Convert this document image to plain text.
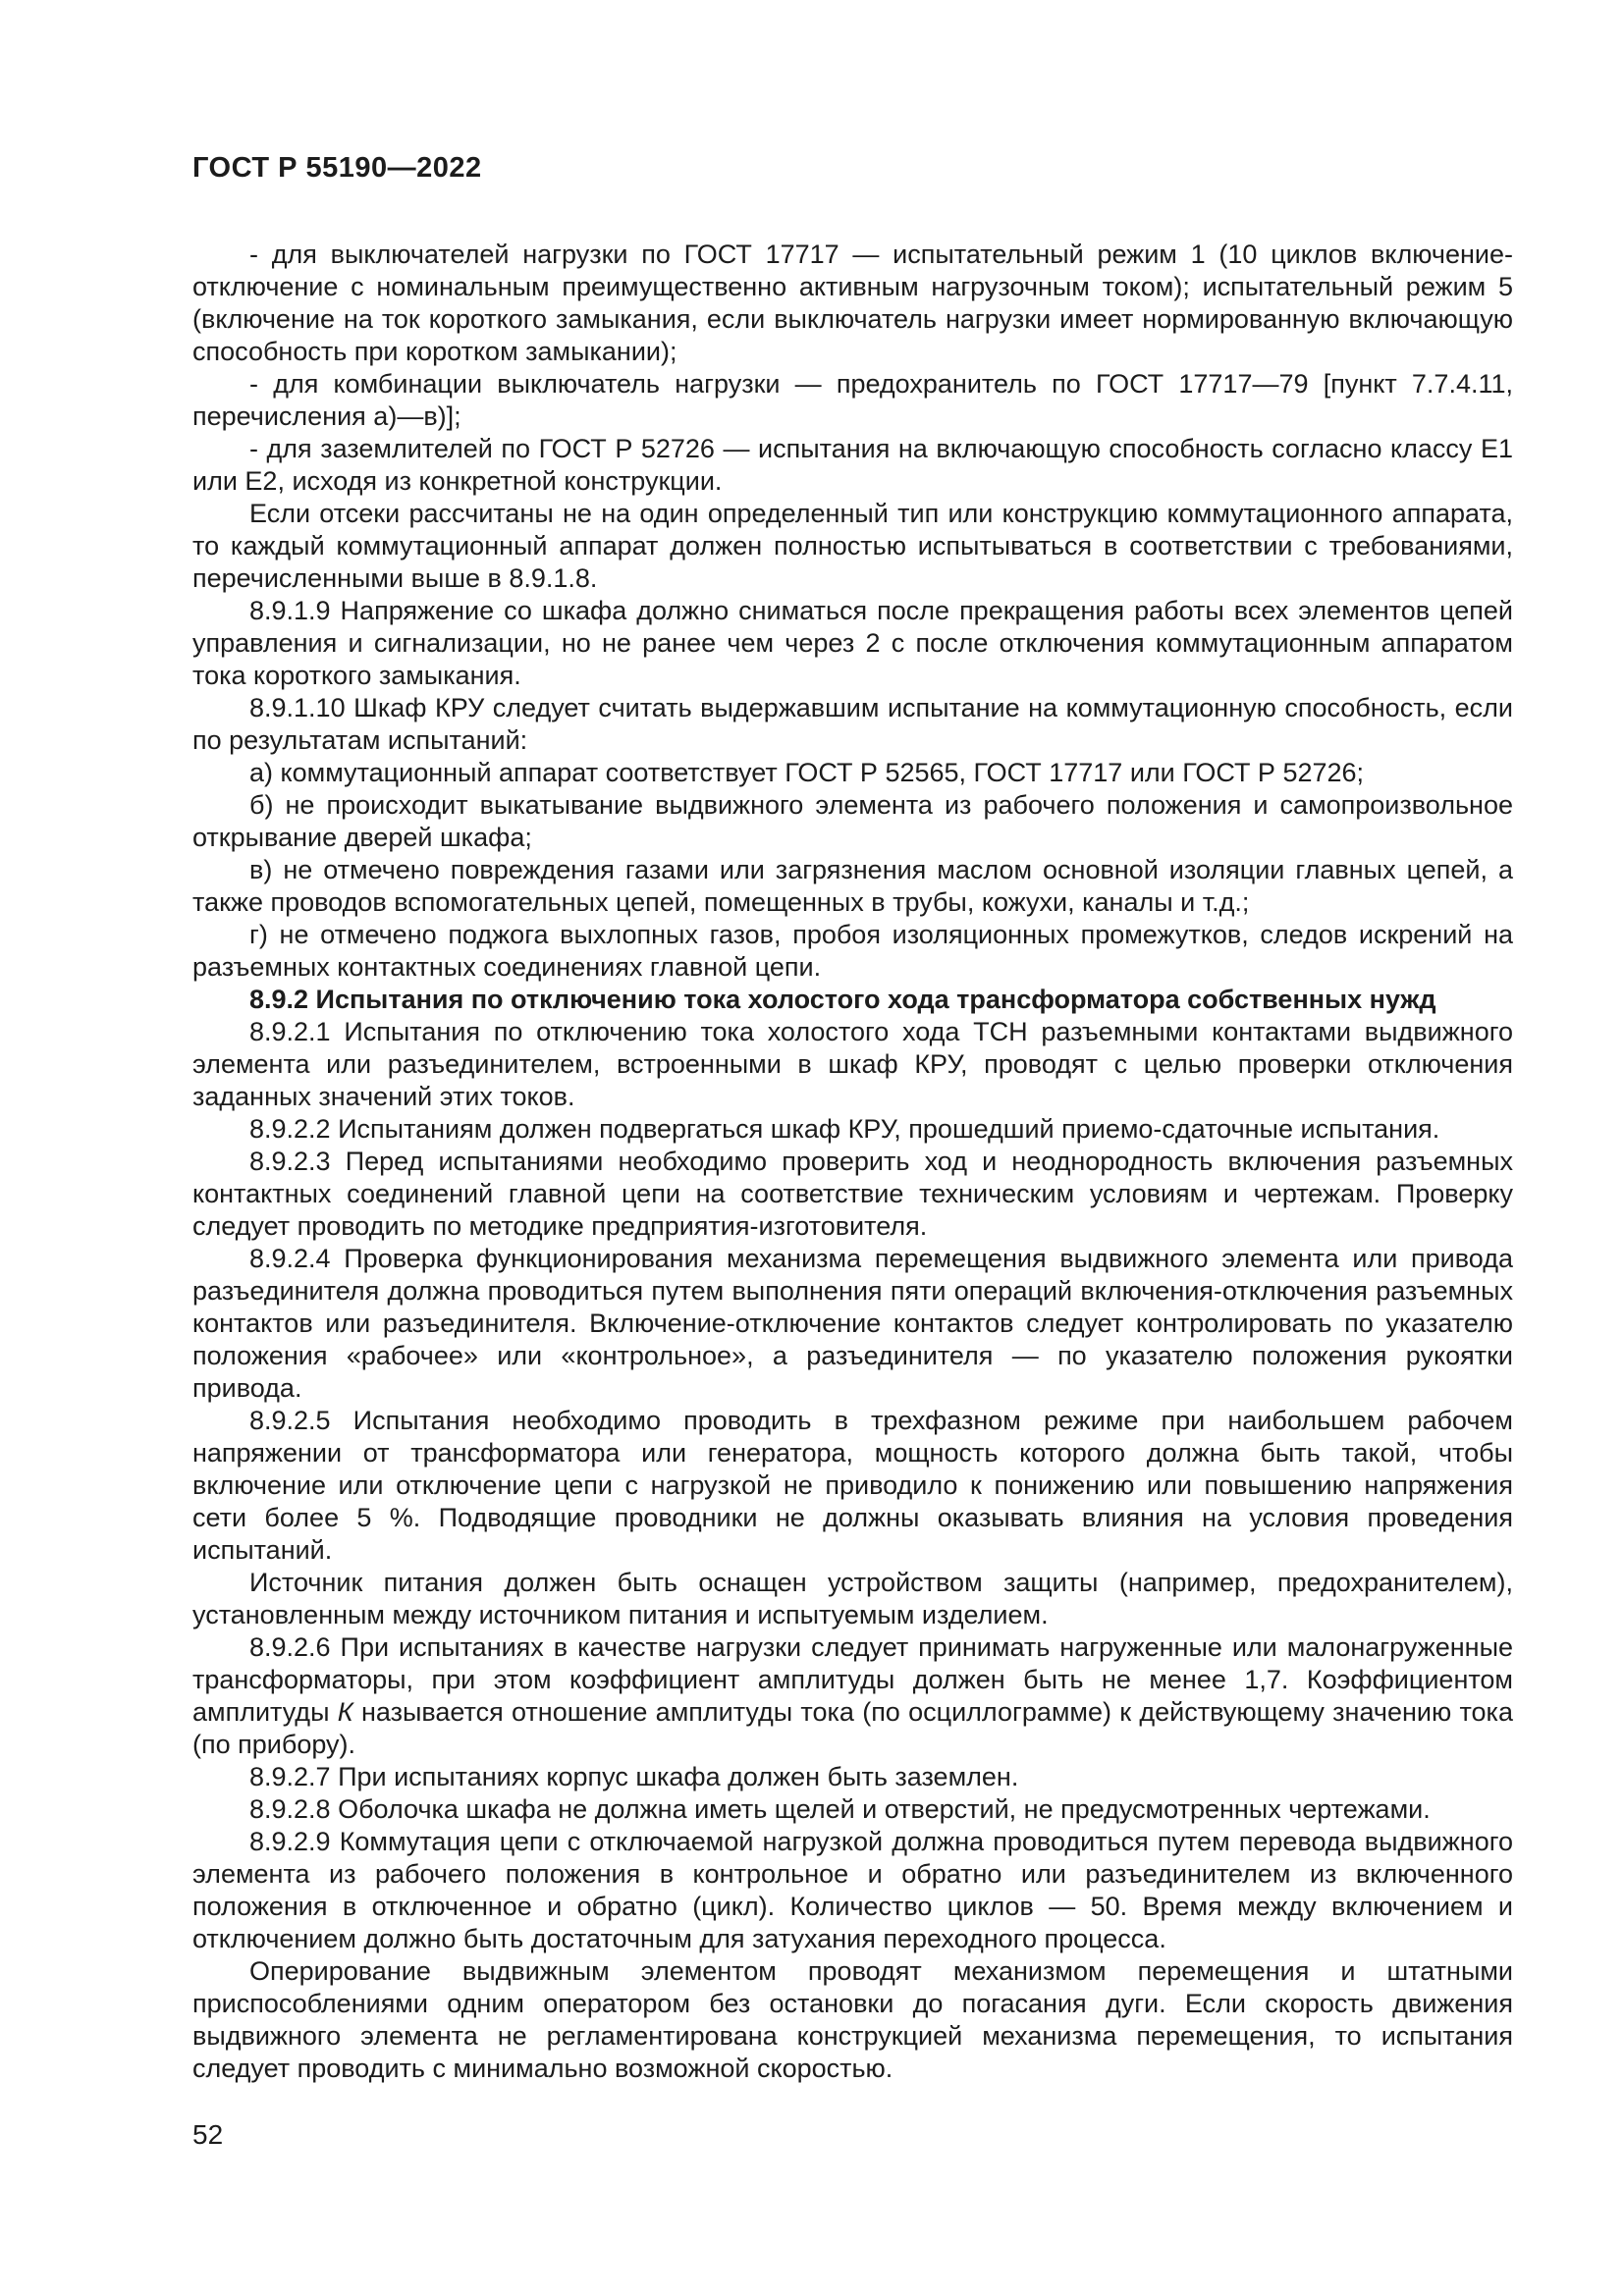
ГОСТ Р 55190—2022

- для выключателей нагрузки по ГОСТ 17717 — испытательный режим 1 (10 циклов включение-отключение с номинальным преимущественно активным нагрузочным током); испытательный режим 5 (включение на ток короткого замыкания, если выключатель нагрузки имеет нормированную включающую способность при коротком замыкании);

- для комбинации выключатель нагрузки — предохранитель по ГОСТ 17717—79 [пункт 7.7.4.11, перечисления а)—в)];

- для заземлителей по ГОСТ Р 52726 — испытания на включающую способность согласно классу Е1 или Е2, исходя из конкретной конструкции.

Если отсеки рассчитаны не на один определенный тип или конструкцию коммутационного аппарата, то каждый коммутационный аппарат должен полностью испытываться в соответствии с требованиями, перечисленными выше в 8.9.1.8.

8.9.1.9 Напряжение со шкафа должно сниматься после прекращения работы всех элементов цепей управления и сигнализации, но не ранее чем через 2 с после отключения коммутационным аппаратом тока короткого замыкания.

8.9.1.10 Шкаф КРУ следует считать выдержавшим испытание на коммутационную способность, если по результатам испытаний:

а) коммутационный аппарат соответствует ГОСТ Р 52565, ГОСТ 17717 или ГОСТ Р 52726;

б) не происходит выкатывание выдвижного элемента из рабочего положения и самопроизвольное открывание дверей шкафа;

в) не отмечено повреждения газами или загрязнения маслом основной изоляции главных цепей, а также проводов вспомогательных цепей, помещенных в трубы, кожухи, каналы и т.д.;

г) не отмечено поджога выхлопных газов, пробоя изоляционных промежутков, следов искрений на разъемных контактных соединениях главной цепи.

8.9.2 Испытания по отключению тока холостого хода трансформатора собственных нужд

8.9.2.1 Испытания по отключению тока холостого хода ТСН разъемными контактами выдвижного элемента или разъединителем, встроенными в шкаф КРУ, проводят с целью проверки отключения заданных значений этих токов.

8.9.2.2 Испытаниям должен подвергаться шкаф КРУ, прошедший приемо-сдаточные испытания.

8.9.2.3 Перед испытаниями необходимо проверить ход и неоднородность включения разъемных контактных соединений главной цепи на соответствие техническим условиям и чертежам. Проверку следует проводить по методике предприятия-изготовителя.

8.9.2.4 Проверка функционирования механизма перемещения выдвижного элемента или привода разъединителя должна проводиться путем выполнения пяти операций включения-отключения разъемных контактов или разъединителя. Включение-отключение контактов следует контролировать по указателю положения «рабочее» или «контрольное», а разъединителя — по указателю положения рукоятки привода.

8.9.2.5 Испытания необходимо проводить в трехфазном режиме при наибольшем рабочем напряжении от трансформатора или генератора, мощность которого должна быть такой, чтобы включение или отключение цепи с нагрузкой не приводило к понижению или повышению напряжения сети более 5 %. Подводящие проводники не должны оказывать влияния на условия проведения испытаний.

Источник питания должен быть оснащен устройством защиты (например, предохранителем), установленным между источником питания и испытуемым изделием.

8.9.2.6 При испытаниях в качестве нагрузки следует принимать нагруженные или малонагруженные трансформаторы, при этом коэффициент амплитуды должен быть не менее 1,7. Коэффициентом амплитуды К называется отношение амплитуды тока (по осциллограмме) к действующему значению тока (по прибору).

8.9.2.7 При испытаниях корпус шкафа должен быть заземлен.

8.9.2.8 Оболочка шкафа не должна иметь щелей и отверстий, не предусмотренных чертежами.

8.9.2.9 Коммутация цепи с отключаемой нагрузкой должна проводиться путем перевода выдвижного элемента из рабочего положения в контрольное и обратно или разъединителем из включенного положения в отключенное и обратно (цикл). Количество циклов — 50. Время между включением и отключением должно быть достаточным для затухания переходного процесса.

Оперирование выдвижным элементом проводят механизмом перемещения и штатными приспособлениями одним оператором без остановки до погасания дуги. Если скорость движения выдвижного элемента не регламентирована конструкцией механизма перемещения, то испытания следует проводить с минимально возможной скоростью.

52
